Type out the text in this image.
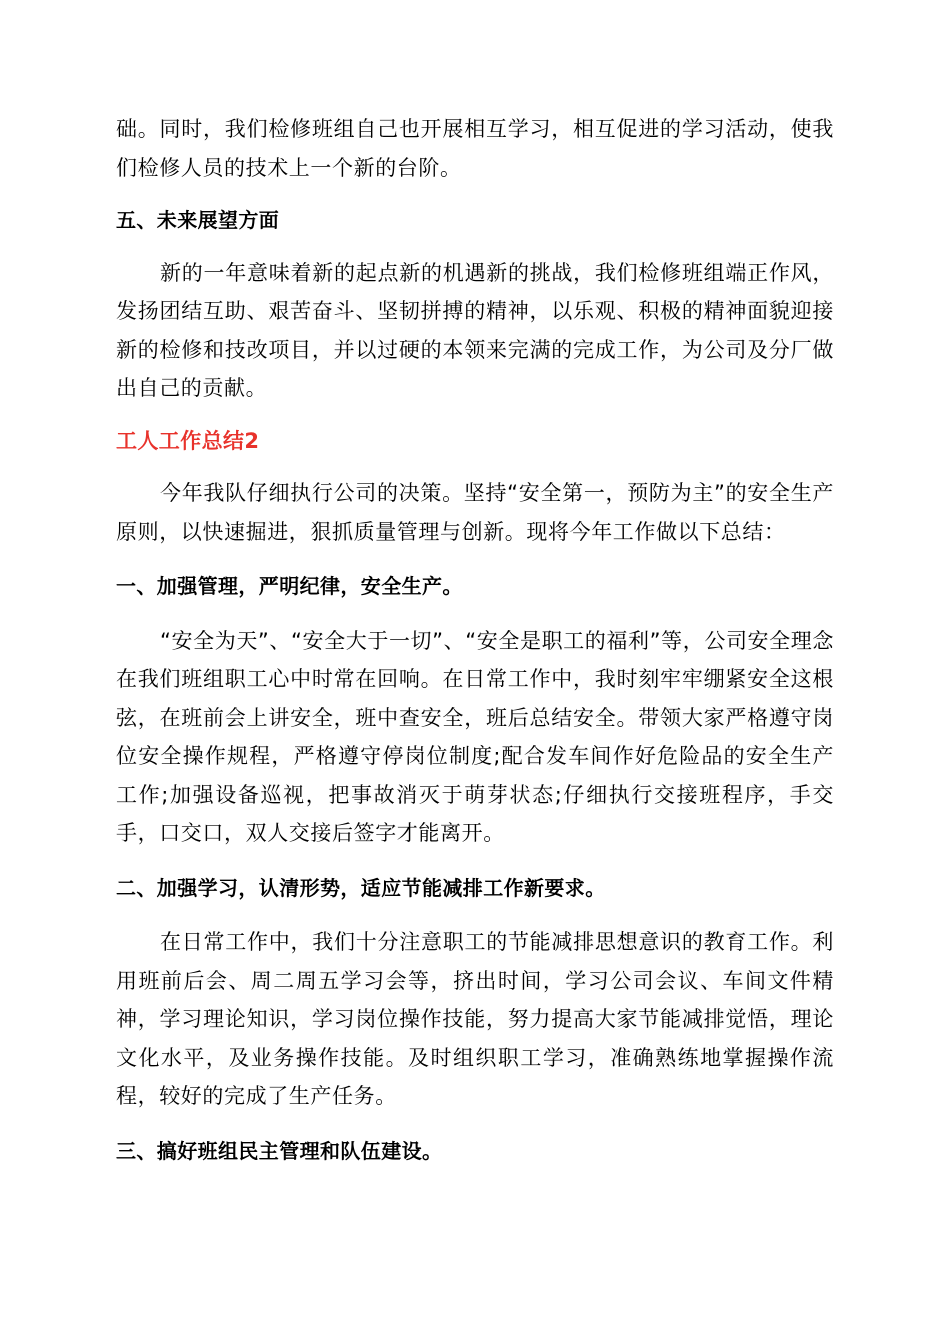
础。同时，我们检修班组自己也开展相互学习，相互促进的学习活动，使我们检修人员的技术上一个新的台阶。

五、未来展望方面

新的一年意味着新的起点新的机遇新的挑战，我们检修班组端正作风，发扬团结互助、艰苦奋斗、坚韧拼搏的精神，以乐观、积极的精神面貌迎接新的检修和技改项目，并以过硬的本领来完满的完成工作，为公司及分厂做出自己的贡献。

工人工作总结2

今年我队仔细执行公司的决策。坚持“安全第一，预防为主”的安全生产原则，以快速掘进，狠抓质量管理与创新。现将今年工作做以下总结：

一、加强管理，严明纪律，安全生产。

“安全为天”、“安全大于一切”、“安全是职工的福利”等，公司安全理念在我们班组职工心中时常在回响。在日常工作中，我时刻牢牢绷紧安全这根弦，在班前会上讲安全，班中查安全，班后总结安全。带领大家严格遵守岗位安全操作规程，严格遵守停岗位制度;配合发车间作好危险品的安全生产工作;加强设备巡视，把事故消灭于萌芽状态;仔细执行交接班程序，手交手，口交口，双人交接后签字才能离开。

二、加强学习，认清形势，适应节能减排工作新要求。

在日常工作中，我们十分注意职工的节能减排思想意识的教育工作。利用班前后会、周二周五学习会等，挤出时间，学习公司会议、车间文件精神，学习理论知识，学习岗位操作技能，努力提高大家节能减排觉悟，理论文化水平，及业务操作技能。及时组织职工学习，准确熟练地掌握操作流程，较好的完成了生产任务。

三、搞好班组民主管理和队伍建设。
